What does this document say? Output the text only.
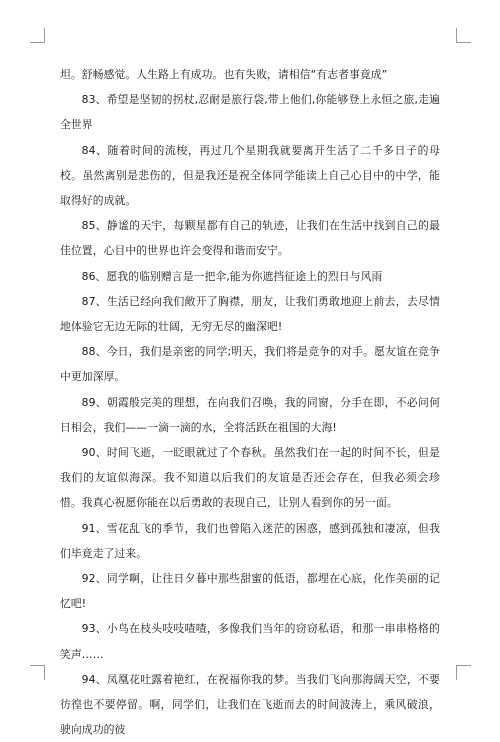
坦。舒畅感觉。人生路上有成功。也有失败，请相信“有志者事竟成”

83、希望是坚韧的拐杖,忍耐是旅行袋,带上他们,你能够登上永恒之旅,走遍全世界

84、随着时间的流梭，再过几个星期我就要离开生活了二千多日子的母校。虽然离别是悲伤的，但是我还是祝全体同学能读上自己心目中的中学，能取得好的成就。

85、静谧的天宇，每颗星都有自己的轨迹，让我们在生活中找到自己的最佳位置，心目中的世界也许会变得和谐而安宁。

86、愿我的临别赠言是一把伞,能为你遮挡征途上的烈日与风雨

87、生活已经向我们敞开了胸襟，朋友，让我们勇敢地迎上前去，去尽情地体验它无边无际的壮阔，无穷无尽的幽深吧!

88、今日，我们是亲密的同学;明天，我们将是竞争的对手。愿友谊在竞争中更加深厚。

89、朝霞般完美的理想，在向我们召唤，我的同窗，分手在即，不必问何日相会，我们——一滴一滴的水，全将活跃在祖国的大海!

90、时间飞逝，一眨眼就过了个春秋。虽然我们在一起的时间不长，但是我们的友谊似海深。我不知道以后我们的友谊是否还会存在，但我必须会珍惜。我真心祝愿你能在以后勇敢的表现自己，让别人看到你的另一面。

91、雪花乱飞的季节，我们也曾陷入迷茫的困惑，感到孤独和凄凉，但我们毕竟走了过来。

92、同学啊，让往日夕暮中那些甜蜜的低语，都埋在心底，化作美丽的记忆吧!

93、小鸟在枝头吱吱喳喳，多像我们当年的窃窃私语，和那一串串格格的笑声……

94、凤凰花吐露着艳红，在祝福你我的梦。当我们飞向那海阔天空，不要彷徨也不要停留。啊，同学们，让我们在飞逝而去的时间波涛上，乘风破浪，驶向成功的彼
